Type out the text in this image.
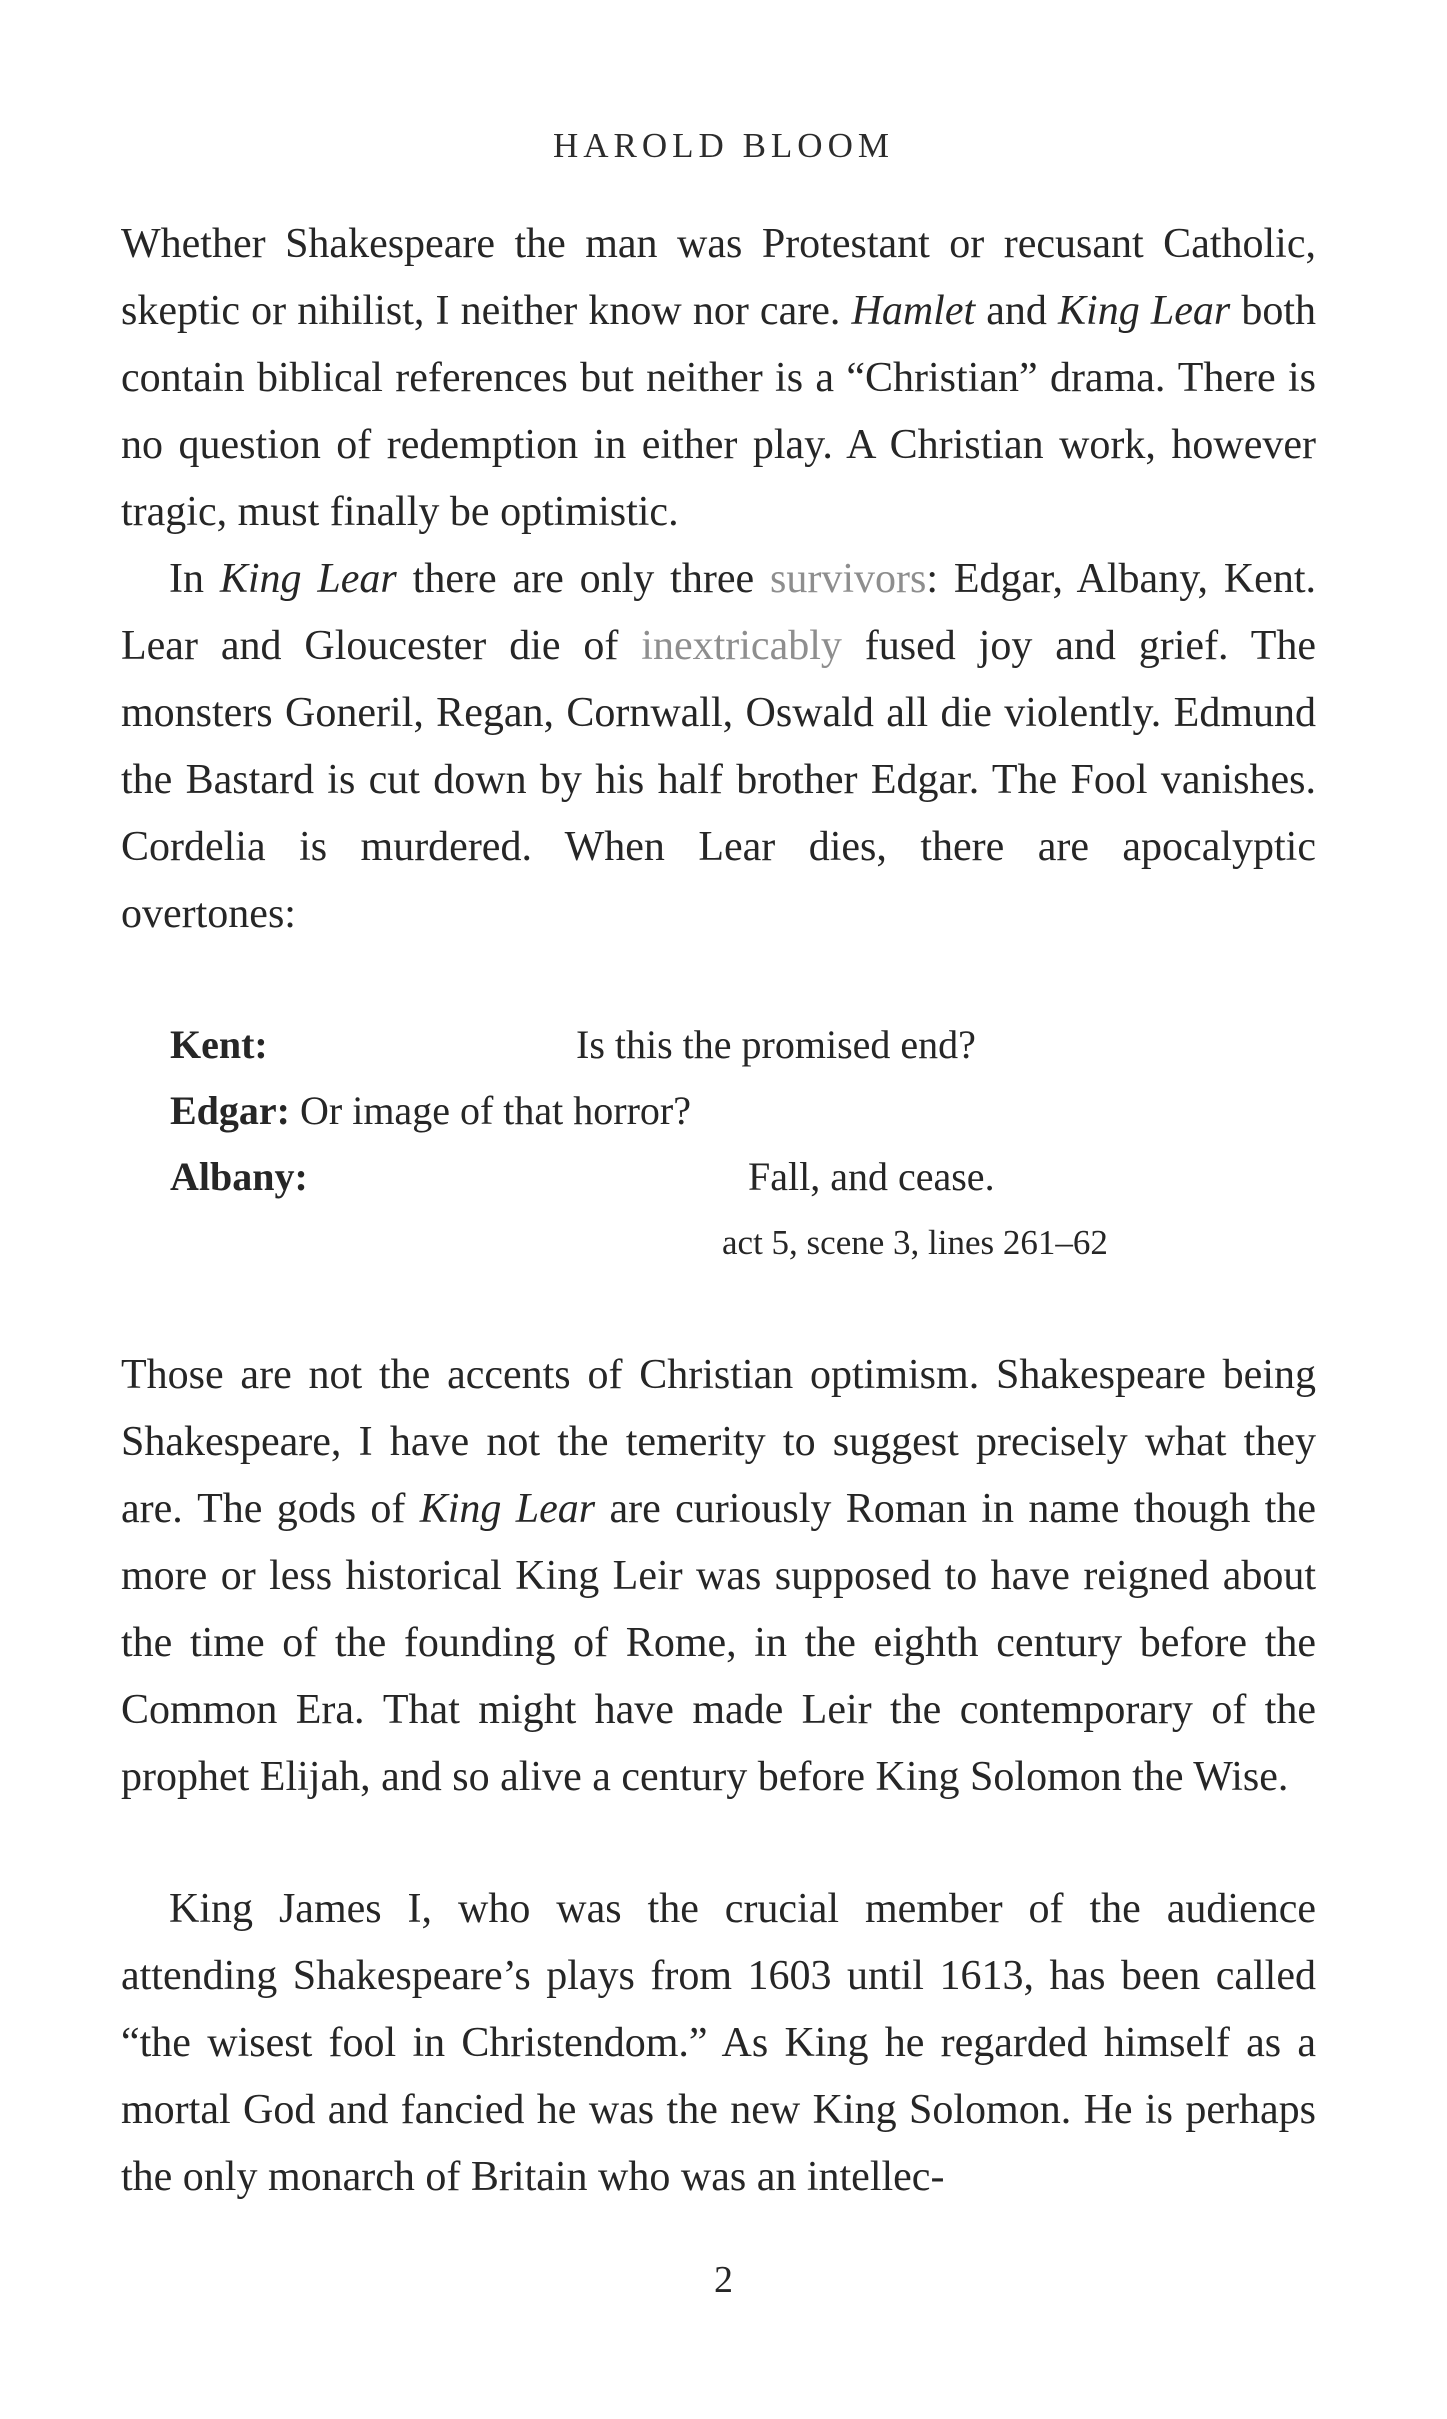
HAROLD BLOOM

Whether Shakespeare the man was Protestant or recusant Catholic, skeptic or nihilist, I neither know nor care. Hamlet and King Lear both contain biblical references but neither is a “Christian” drama. There is no question of redemption in either play. A Christian work, however tragic, must finally be optimistic.

In King Lear there are only three survivors: Edgar, Albany, Kent. Lear and Gloucester die of inextricably fused joy and grief. The monsters Goneril, Regan, Cornwall, Oswald all die violently. Edmund the Bastard is cut down by his half brother Edgar. The Fool vanishes. Cordelia is murdered. When Lear dies, there are apocalyptic overtones:

Kent:	Is this the promised end?
Edgar: Or image of that horror?
Albany:	Fall, and cease.
act 5, scene 3, lines 261–62

Those are not the accents of Christian optimism. Shakespeare being Shakespeare, I have not the temerity to suggest precisely what they are. The gods of King Lear are curiously Roman in name though the more or less historical King Leir was supposed to have reigned about the time of the founding of Rome, in the eighth century before the Common Era. That might have made Leir the contemporary of the prophet Elijah, and so alive a century before King Solomon the Wise.

King James I, who was the crucial member of the audience attending Shakespeare’s plays from 1603 until 1613, has been called “the wisest fool in Christendom.” As King he regarded himself as a mortal God and fancied he was the new King Solomon. He is perhaps the only monarch of Britain who was an intellec-

2
